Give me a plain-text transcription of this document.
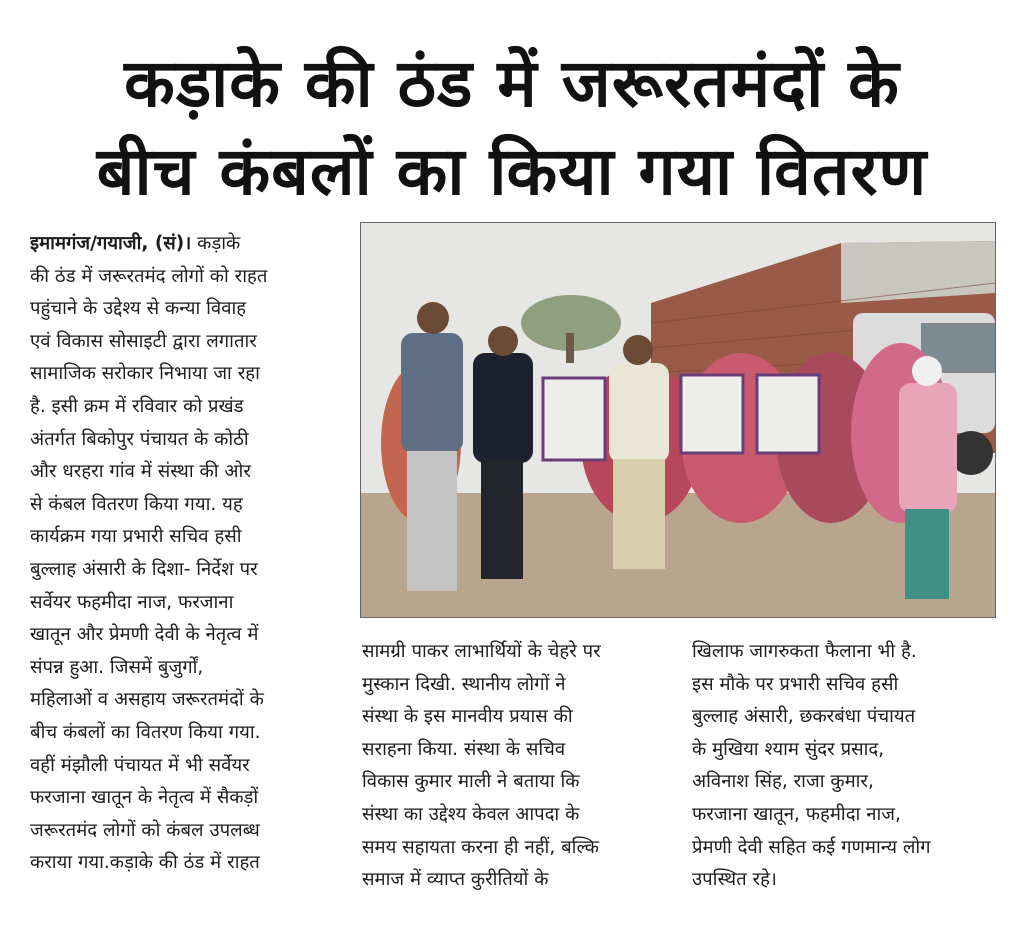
कड़ाके की ठंड में जरूरतमंदों के
बीच कंबलों का किया गया वितरण
इमामगंज/गयाजी, (सं)। कड़ाके
की ठंड में जरूरतमंद लोगों को राहत
पहुंचाने के उद्देश्य से कन्या विवाह
एवं विकास सोसाइटी द्वारा लगातार
सामाजिक सरोकार निभाया जा रहा
है. इसी क्रम में रविवार को प्रखंड
अंतर्गत बिकोपुर पंचायत के कोठी
और धरहरा गांव में संस्था की ओर
से कंबल वितरण किया गया. यह
कार्यक्रम गया प्रभारी सचिव हसी
बुल्लाह अंसारी के दिशा- निर्देश पर
सर्वेयर फहमीदा नाज, फरजाना
खातून और प्रेमणी देवी के नेतृत्व में
संपन्न हुआ. जिसमें बुजुर्गों,
महिलाओं व असहाय जरूरतमंदों के
बीच कंबलों का वितरण किया गया.
वहीं मंझौली पंचायत में भी सर्वेयर
फरजाना खातून के नेतृत्व में सैकड़ों
जरूरतमंद लोगों को कंबल उपलब्ध
कराया गया.कड़ाके की ठंड में राहत
सामग्री पाकर लाभार्थियों के चेहरे पर
मुस्कान दिखी. स्थानीय लोगों ने
संस्था के इस मानवीय प्रयास की
सराहना किया. संस्था के सचिव
विकास कुमार माली ने बताया कि
संस्था का उद्देश्य केवल आपदा के
समय सहायता करना ही नहीं, बल्कि
समाज में व्याप्त कुरीतियों के
खिलाफ जागरुकता फैलाना भी है.
इस मौके पर प्रभारी सचिव हसी
बुल्लाह अंसारी, छकरबंधा पंचायत
के मुखिया श्याम सुंदर प्रसाद,
अविनाश सिंह, राजा कुमार,
फरजाना खातून, फहमीदा नाज,
प्रेमणी देवी सहित कई गणमान्य लोग
उपस्थित रहे।
